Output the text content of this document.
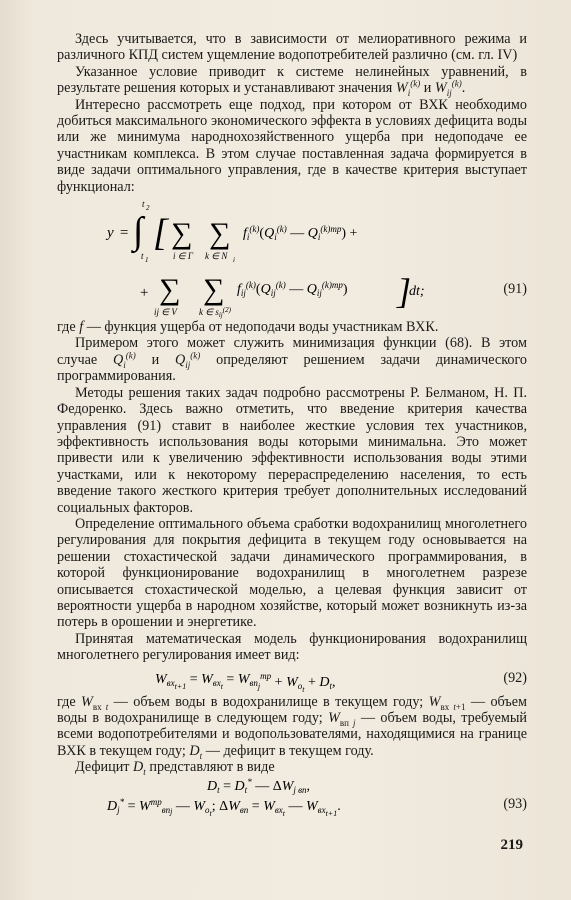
Здесь учитывается, что в зависимости от мелиоративного режима и различного КПД систем ущемление водопотребителей различно (см. гл. IV)

Указанное условие приводит к системе нелинейных уравнений, в результате решения которых и устанавливают значения $W_i^{(k)}$ и $W_{ij}^{(k)}$.

Интересно рассмотреть еще подход, при котором от ВХК необходимо добиться максимального экономического эффекта в условиях дефицита воды или же минимума народнохозяйственного ущерба при недоподаче ее участникам комплекса. В этом случае поставленная задача формируется в виде задачи оптимального управления, где в качестве критерия выступает функционал:

y = ∫
t 2
t 1
[ ∑
i ∈ Γ
∑
k ∈ N i
$f_i^{(k)}(Q_i^{(k)}$ — $Q_i^{(k)тр}$) +
+ ∑
ij ∈ V
∑
k ∈ $s_{ij}^{(2)}$
$f_{ij}^{(k)}(Q_{ij}^{(k)}$ — $Q_{ij}^{(k)тр}$) ]
dt;	(91)

где f — функция ущерба от недоподачи воды участникам ВХК.

Примером этого может служить минимизация функции (68). В этом случае $Q_i^{(k)}$ и $Q_{ij}^{(k)}$ определяют решением задачи динамического программирования.

Методы решения таких задач подробно рассмотрены Р. Белманом, Н. П. Федоренко. Здесь важно отметить, что введение критерия качества управления (91) ставит в наиболее жесткие условия тех участников, эффективность использования воды которыми минимальна. Это может привести или к увеличению эффективности использования воды этими участками, или к некоторому перераспределению населения, то есть введение такого жесткого критерия требует дополнительных исследований социальных факторов.

Определение оптимального объема сработки водохранилищ многолетнего регулирования для покрытия дефицита в текущем году основывается на решении стохастической задачи динамического программирования, в которой функционирование водохранилищ в многолетнем разрезе описывается стохастической моделью, а целевая функция зависит от вероятности ущерба в народном хозяйстве, который может возникнуть из-за потерь в орошении и энергетике.

Принятая математическая модель функционирования водохранилищ многолетнего регулирования имеет вид:

$W_{вхt+1} = W_{вхt} = W_{впj}^{тр} + W_{ot} + D_t$,	(92)

где $W_{вх t}$ — объем воды в водохранилище в текущем году; $W_{вх t+1}$ — объем воды в водохранилище в следующем году; $W_{вп j}$ — объем воды, требуемый всеми водопотребителями и водопользователями, находящимися на границе ВХК в текущем году; $D_t$ — дефицит в текущем году.

Дефицит $D_t$ представляют в виде

$D_t = D_t^*$ — $\Delta W_{j вп}$,
$D_j^* = W^{тр}_{вп}j$ — $W_{ot}$; $\Delta W_{вп} = W_{вхt}$ — $W_{вхt+1}$.	(93)
219
